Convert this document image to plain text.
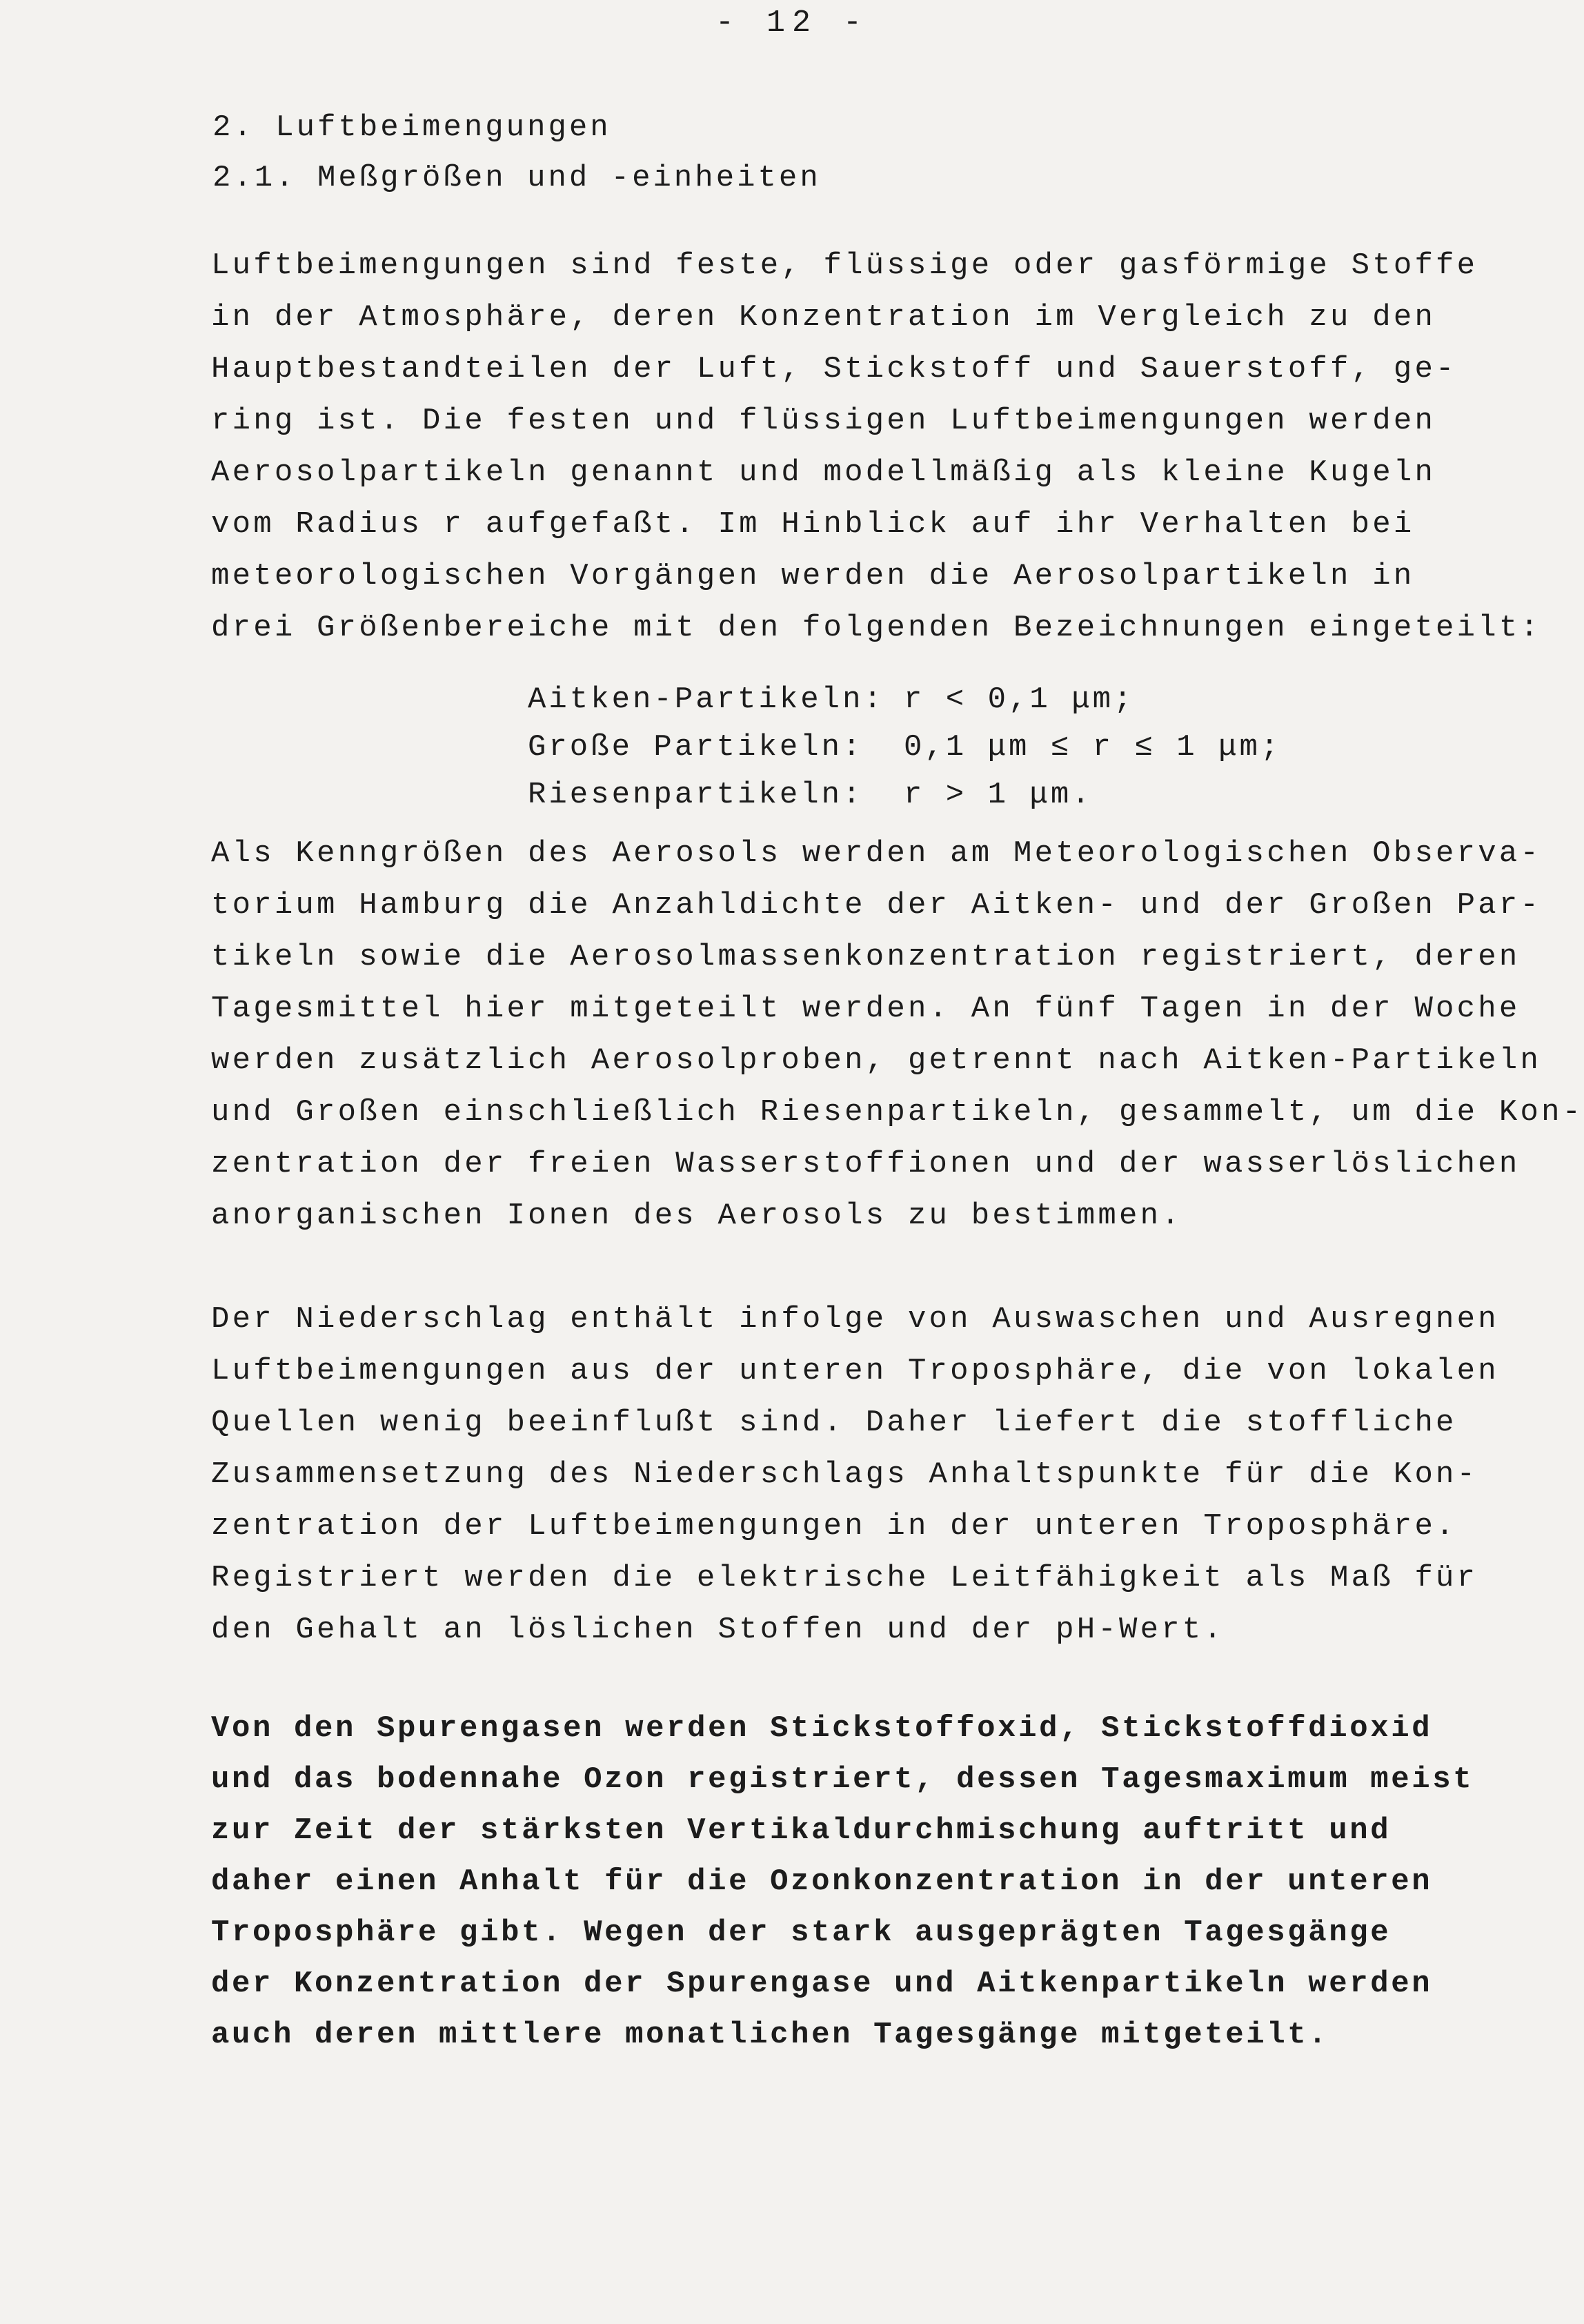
- 12 -
2. Luftbeimengungen
2.1. Meßgrößen und -einheiten
Luftbeimengungen sind feste, flüssige oder gasförmige Stoffe
in der Atmosphäre, deren Konzentration im Vergleich zu den
Hauptbestandteilen der Luft, Stickstoff und Sauerstoff, ge-
ring ist. Die festen und flüssigen Luftbeimengungen werden
Aerosolpartikeln genannt und modellmäßig als kleine Kugeln
vom Radius r aufgefaßt. Im Hinblick auf ihr Verhalten bei
meteorologischen Vorgängen werden die Aerosolpartikeln in
drei Größenbereiche mit den folgenden Bezeichnungen eingeteilt:
Aitken-Partikeln: r < 0,1 μm;
Große Partikeln:	0,1 μm ≤ r ≤ 1 μm;
Riesenpartikeln:	r > 1 μm.
Als Kenngrößen des Aerosols werden am Meteorologischen Observa-
torium Hamburg die Anzahldichte der Aitken- und der Großen Par-
tikeln sowie die Aerosolmassenkonzentration registriert, deren
Tagesmittel hier mitgeteilt werden. An fünf Tagen in der Woche
werden zusätzlich Aerosolproben, getrennt nach Aitken-Partikeln
und Großen einschließlich Riesenpartikeln, gesammelt, um die Kon-
zentration der freien Wasserstoffionen und der wasserlöslichen
anorganischen Ionen des Aerosols zu bestimmen.
Der Niederschlag enthält infolge von Auswaschen und Ausregnen
Luftbeimengungen aus der unteren Troposphäre, die von lokalen
Quellen wenig beeinflußt sind. Daher liefert die stoffliche
Zusammensetzung des Niederschlags Anhaltspunkte für die Kon-
zentration der Luftbeimengungen in der unteren Troposphäre.
Registriert werden die elektrische Leitfähigkeit als Maß für
den Gehalt an löslichen Stoffen und der pH-Wert.
Von den Spurengasen werden Stickstoffoxid, Stickstoffdioxid
und das bodennahe Ozon registriert, dessen Tagesmaximum meist
zur Zeit der stärksten Vertikaldurchmischung auftritt und
daher einen Anhalt für die Ozonkonzentration in der unteren
Troposphäre gibt. Wegen der stark ausgeprägten Tagesgänge
der Konzentration der Spurengase und Aitkenpartikeln werden
auch deren mittlere monatlichen Tagesgänge mitgeteilt.
